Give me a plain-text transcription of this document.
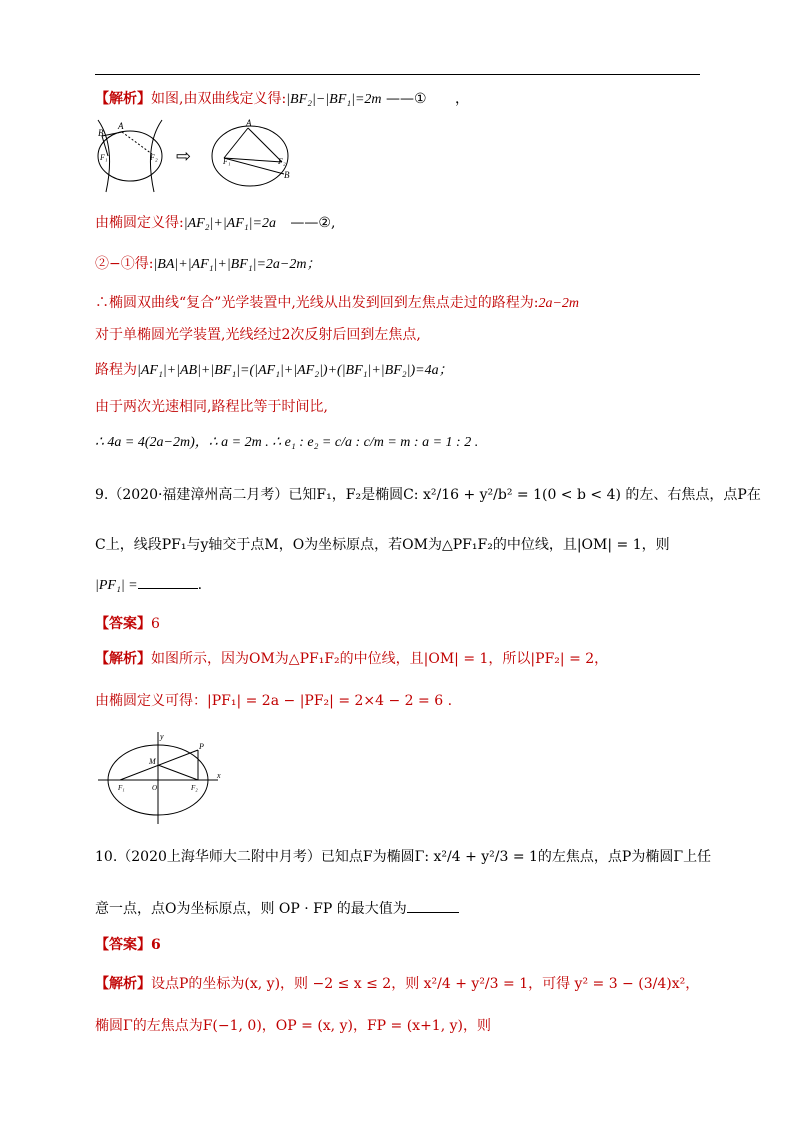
【解析】如图,由双曲线定义得:|BF₂|−|BF₁|=2m ——① ，
B
A
F₁	F₂ ⇨
A
F₁	F₂
B
由椭圆定义得:|AF₂|+|AF₁|=2a ——②,
②−①得:|BA|+|AF₁|+|BF₁|=2a−2m；
∴椭圆双曲线“复合”光学装置中,光线从出发到回到左焦点走过的路程为:2a−2m
对于单椭圆光学装置,光线经过2次反射后回到左焦点,
路程为|AF₁|+|AB|+|BF₁|=(|AF₁|+|AF₂|)+(|BF₁|+|BF₂|)=4a；
由于两次光速相同,路程比等于时间比,
∴ 4a = 4(2a−2m)，∴ a = 2m . ∴ e₁ : e₂ = c/a : c/m = m : a = 1 : 2 .
9.（2020·福建漳州高二月考）已知F₁，F₂是椭圆C: x²/16 + y²/b² = 1(0 < b < 4) 的左、右焦点，点P在
C上，线段PF₁与y轴交于点M，O为坐标原点，若OM为△PF₁F₂的中位线，且|OM| = 1，则
|PF₁| =	.
【答案】6
【解析】如图所示，因为OM为△PF₁F₂的中位线，且|OM| = 1，所以|PF₂| = 2，
由椭圆定义可得：|PF₁| = 2a − |PF₂| = 2×4 − 2 = 6 .
y
P
M
x
F₁	O	F₂
10.（2020上海华师大二附中月考）已知点F为椭圆Γ: x²/4 + y²/3 = 1的左焦点，点P为椭圆Γ上任
意一点，点O为坐标原点，则 OP · FP 的最大值为
【答案】6
【解析】设点P的坐标为(x, y)，则 −2 ≤ x ≤ 2，则 x²/4 + y²/3 = 1，可得 y² = 3 − (3/4)x²，
椭圆Γ的左焦点为F(−1, 0)，OP = (x, y)，FP = (x+1, y)，则
